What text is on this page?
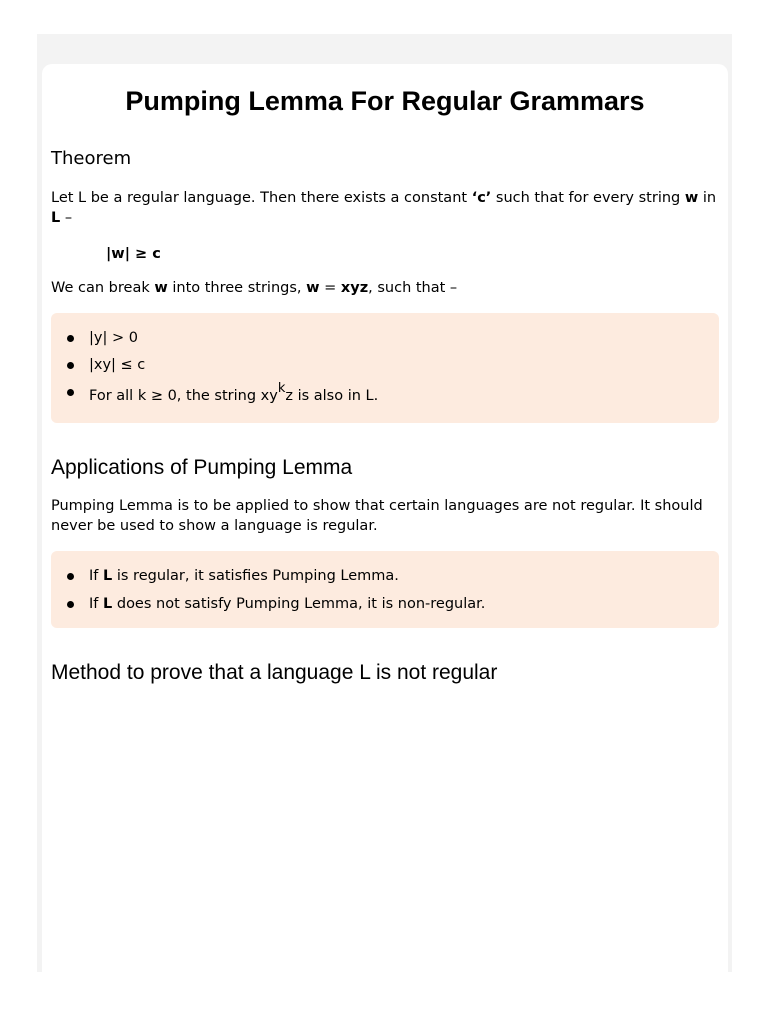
Pumping Lemma For Regular Grammars
Theorem

Let L be a regular language. Then there exists a constant ‘c’ such that for every string w in L –

|w| ≥ c

We can break w into three strings, w = xyz, such that –

|y| > 0
|xy| ≤ c
For all k ≥ 0, the string $xy^kz$ is also in L.
Applications of Pumping Lemma

Pumping Lemma is to be applied to show that certain languages are not regular. It should never be used to show a language is regular.

If L is regular, it satisfies Pumping Lemma.
If L does not satisfy Pumping Lemma, it is non-regular.
Method to prove that a language L is not regular
